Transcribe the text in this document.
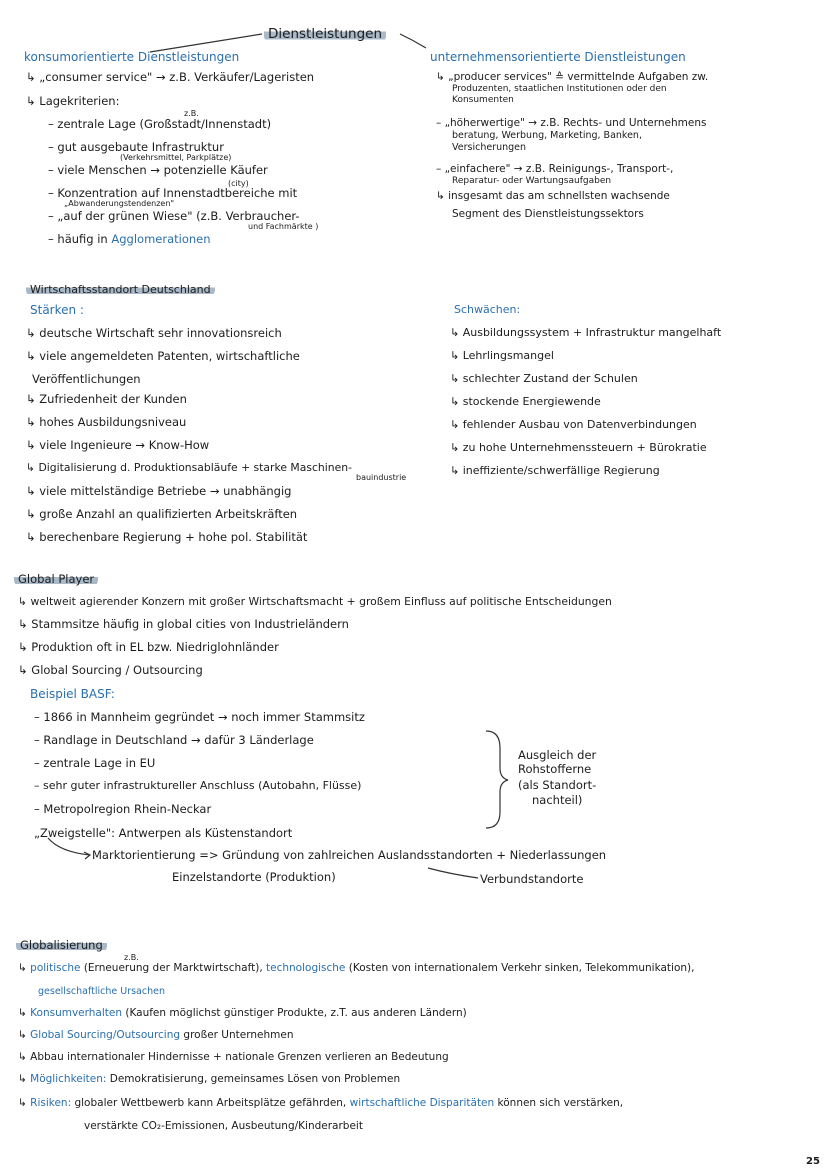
Dienstleistungen
konsumorientierte Dienstleistungen
↳ „consumer service" → z.B. Verkäufer/Lageristen
↳ Lagekriterien:
z.B.
– zentrale Lage (Großstadt/Innenstadt)
– gut ausgebaute Infrastruktur
(Verkehrsmittel, Parkplätze)
– viele Menschen → potenzielle Käufer
(city)
– Konzentration auf Innenstadtbereiche mit
„Abwanderungstendenzen"
– „auf der grünen Wiese" (z.B. Verbraucher-
und Fachmärkte )
– häufig in Agglomerationen
unternehmensorientierte Dienstleistungen
↳ „producer services" ≙ vermittelnde Aufgaben zw.
Produzenten, staatlichen Institutionen oder den
Konsumenten
– „höherwertige" → z.B. Rechts- und Unternehmens
beratung, Werbung, Marketing, Banken,
Versicherungen
– „einfachere" → z.B. Reinigungs-, Transport-,
Reparatur- oder Wartungsaufgaben
↳ insgesamt das am schnellsten wachsende
Segment des Dienstleistungssektors
Wirtschaftsstandort Deutschland
Stärken :	Schwächen:
↳ deutsche Wirtschaft sehr innovationsreich
↳ viele angemeldeten Patenten, wirtschaftliche
Veröffentlichungen
↳ Zufriedenheit der Kunden
↳ hohes Ausbildungsniveau
↳ viele Ingenieure → Know-How
↳ Digitalisierung d. Produktionsabläufe + starke Maschinen-
bauindustrie
↳ viele mittelständige Betriebe → unabhängig
↳ große Anzahl an qualifizierten Arbeitskräften
↳ berechenbare Regierung + hohe pol. Stabilität
↳ Ausbildungssystem + Infrastruktur mangelhaft
↳ Lehrlingsmangel
↳ schlechter Zustand der Schulen
↳ stockende Energiewende
↳ fehlender Ausbau von Datenverbindungen
↳ zu hohe Unternehmenssteuern + Bürokratie
↳ ineffiziente/schwerfällige Regierung
Global Player
↳ weltweit agierender Konzern mit großer Wirtschaftsmacht + großem Einfluss auf politische Entscheidungen
↳ Stammsitze häufig in global cities von Industrieländern
↳ Produktion oft in EL bzw. Niedriglohnländer
↳ Global Sourcing / Outsourcing
Beispiel BASF:
– 1866 in Mannheim gegründet → noch immer Stammsitz
– Randlage in Deutschland → dafür 3 Länderlage
– zentrale Lage in EU
– sehr guter infrastruktureller Anschluss (Autobahn, Flüsse)
– Metropolregion Rhein-Neckar
Ausgleich der
Rohstofferne
(als Standort-
nachteil)
„Zweigstelle": Antwerpen als Küstenstandort
Marktorientierung => Gründung von zahlreichen Auslandsstandorten + Niederlassungen
Einzelstandorte (Produktion)	Verbundstandorte
Globalisierung
z.B.
↳ politische (Erneuerung der Marktwirtschaft), technologische (Kosten von internationalem Verkehr sinken, Telekommunikation),
gesellschaftliche Ursachen
↳ Konsumverhalten (Kaufen möglichst günstiger Produkte, z.T. aus anderen Ländern)
↳ Global Sourcing/Outsourcing großer Unternehmen
↳ Abbau internationaler Hindernisse + nationale Grenzen verlieren an Bedeutung
↳ Möglichkeiten: Demokratisierung, gemeinsames Lösen von Problemen
↳ Risiken: globaler Wettbewerb kann Arbeitsplätze gefährden, wirtschaftliche Disparitäten können sich verstärken,
verstärkte CO₂-Emissionen, Ausbeutung/Kinderarbeit
25
